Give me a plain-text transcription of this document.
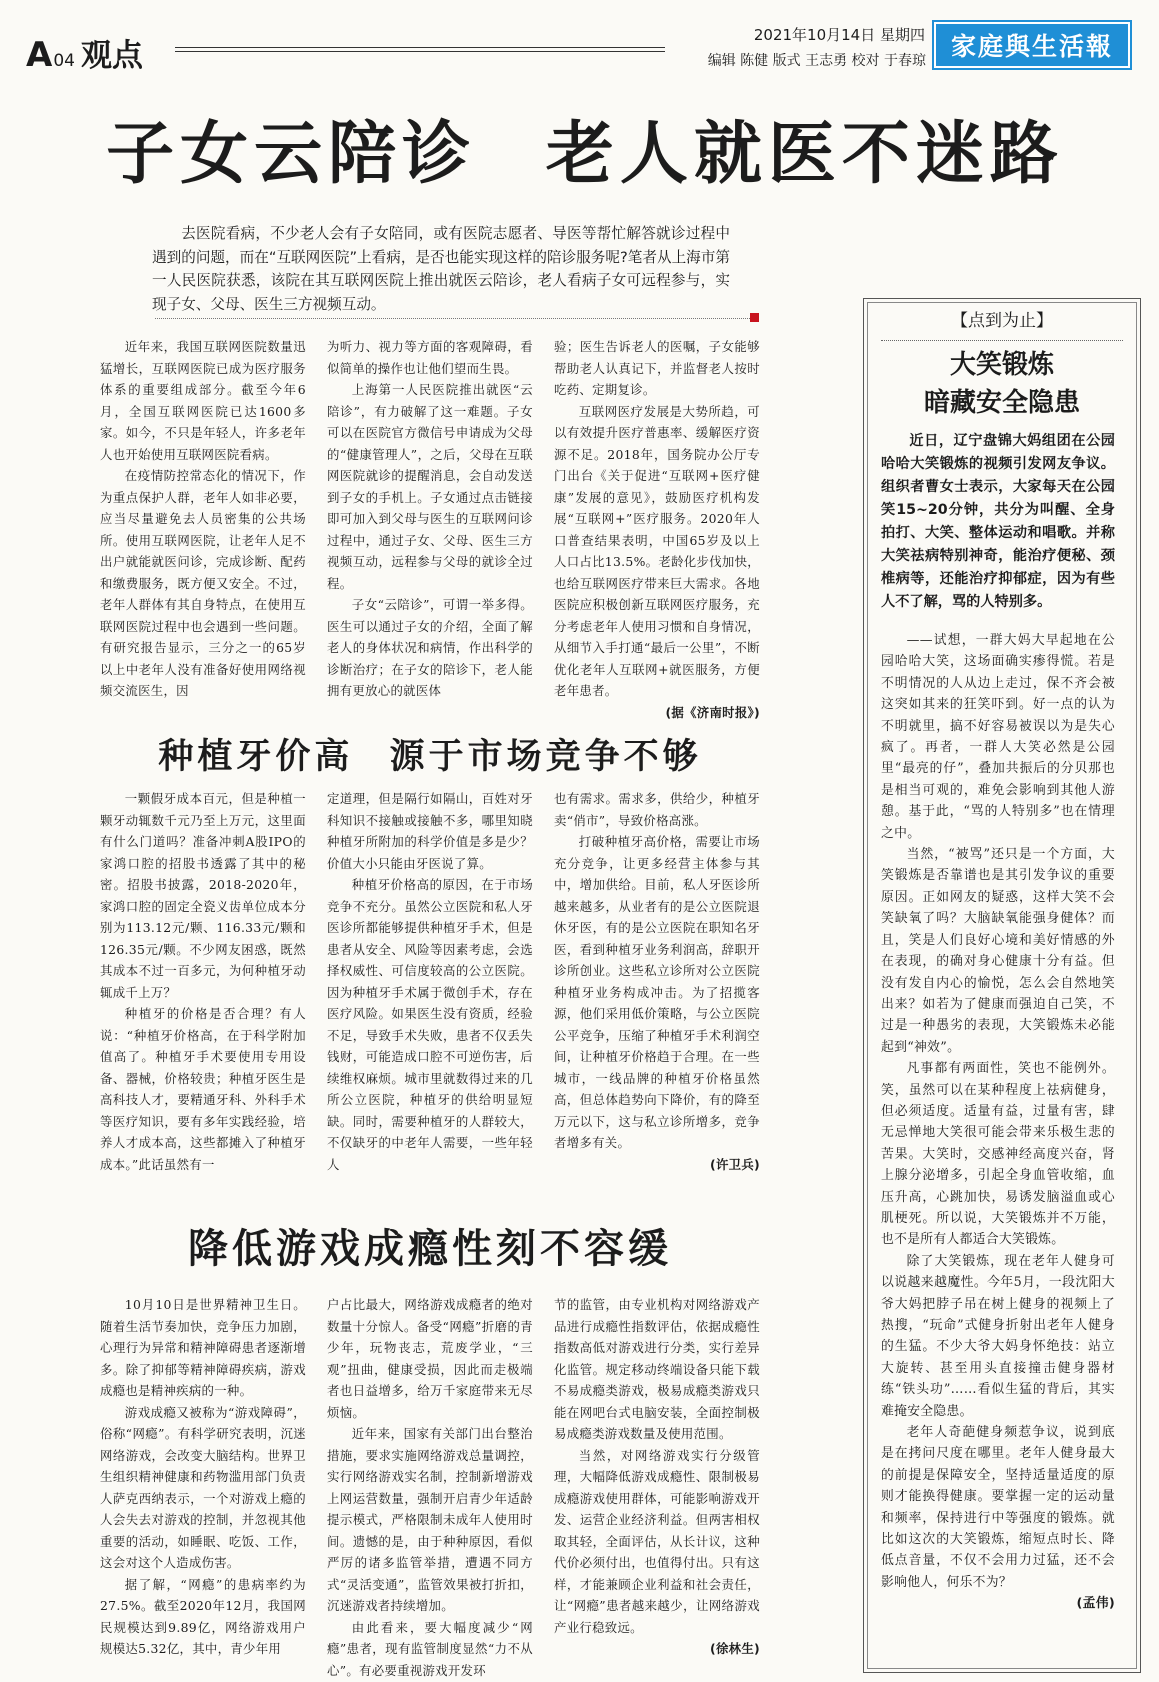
A 04 观点
2021年10月14日 星期四
编辑 陈健 版式 王志勇 校对 于春琼 家庭與生活報
子女云陪诊 老人就医不迷路
去医院看病，不少老人会有子女陪同，或有医院志愿者、导医等帮忙解答就诊过程中遇到的问题，而在“互联网医院”上看病，是否也能实现这样的陪诊服务呢?笔者从上海市第一人民医院获悉，该院在其互联网医院上推出就医云陪诊，老人看病子女可远程参与，实现子女、父母、医生三方视频互动。

近年来，我国互联网医院数量迅猛增长，互联网医院已成为医疗服务体系的重要组成部分。截至今年6月，全国互联网医院已达1600多家。如今，不只是年轻人，许多老年人也开始使用互联网医院看病。

在疫情防控常态化的情况下，作为重点保护人群，老年人如非必要，应当尽量避免去人员密集的公共场所。使用互联网医院，让老年人足不出户就能就医问诊，完成诊断、配药和缴费服务，既方便又安全。不过，老年人群体有其自身特点，在使用互联网医院过程中也会遇到一些问题。有研究报告显示，三分之一的65岁以上中老年人没有准备好使用网络视频交流医生，因

为听力、视力等方面的客观障碍，看似简单的操作也让他们望而生畏。

上海第一人民医院推出就医“云陪诊”，有力破解了这一难题。子女可以在医院官方微信号申请成为父母的“健康管理人”，之后，父母在互联网医院就诊的提醒消息，会自动发送到子女的手机上。子女通过点击链接即可加入到父母与医生的互联网问诊过程中，通过子女、父母、医生三方视频互动，远程参与父母的就诊全过程。

子女“云陪诊”，可谓一举多得。医生可以通过子女的介绍，全面了解老人的身体状况和病情，作出科学的诊断治疗；在子女的陪诊下，老人能拥有更放心的就医体

验；医生告诉老人的医嘱，子女能够帮助老人认真记下，并监督老人按时吃药、定期复诊。

互联网医疗发展是大势所趋，可以有效提升医疗普惠率、缓解医疗资源不足。2018年，国务院办公厅专门出台《关于促进“互联网+医疗健康”发展的意见》，鼓励医疗机构发展“互联网+”医疗服务。2020年人口普查结果表明，中国65岁及以上人口占比13.5%。老龄化步伐加快，也给互联网医疗带来巨大需求。各地医院应积极创新互联网医疗服务，充分考虑老年人使用习惯和自身情况，从细节入手打通“最后一公里”，不断优化老年人互联网+就医服务，方便老年患者。

(据《济南时报》)
种植牙价高 源于市场竞争不够

一颗假牙成本百元，但是种植一颗牙动辄数千元乃至上万元，这里面有什么门道吗？准备冲刺A股IPO的家鸿口腔的招股书透露了其中的秘密。招股书披露，2018-2020年，家鸿口腔的固定全瓷义齿单位成本分别为113.12元/颗、116.33元/颗和126.35元/颗。不少网友困惑，既然其成本不过一百多元，为何种植牙动辄成千上万？

种植牙的价格是否合理？有人说：“种植牙价格高，在于科学附加值高了。种植牙手术要使用专用设备、器械，价格较贵；种植牙医生是高科技人才，要精通牙科、外科手术等医疗知识，要有多年实践经验，培养人才成本高，这些都摊入了种植牙成本。”此话虽然有一

定道理，但是隔行如隔山，百姓对牙科知识不接触或接触不多，哪里知晓种植牙所附加的科学价值是多是少？价值大小只能由牙医说了算。

种植牙价格高的原因，在于市场竞争不充分。虽然公立医院和私人牙医诊所都能够提供种植牙手术，但是患者从安全、风险等因素考虑，会选择权威性、可信度较高的公立医院。因为种植牙手术属于微创手术，存在医疗风险。如果医生没有资质，经验不足，导致手术失败，患者不仅丢失钱财，可能造成口腔不可逆伤害，后续维权麻烦。城市里就数得过来的几所公立医院，种植牙的供给明显短缺。同时，需要种植牙的人群较大，不仅缺牙的中老年人需要，一些年轻人

也有需求。需求多，供给少，种植牙卖“俏市”，导致价格高涨。

打破种植牙高价格，需要让市场充分竞争，让更多经营主体参与其中，增加供给。目前，私人牙医诊所越来越多，从业者有的是公立医院退休牙医，有的是公立医院在职知名牙医，看到种植牙业务利润高，辞职开诊所创业。这些私立诊所对公立医院种植牙业务构成冲击。为了招揽客源，他们采用低价策略，与公立医院公平竞争，压缩了种植牙手术利润空间，让种植牙价格趋于合理。在一些城市，一线品牌的种植牙价格虽然高，但总体趋势向下降价，有的降至万元以下，这与私立诊所增多，竞争者增多有关。

(许卫兵)
降低游戏成瘾性刻不容缓

10月10日是世界精神卫生日。随着生活节奏加快，竞争压力加剧，心理行为异常和精神障碍患者逐渐增多。除了抑郁等精神障碍疾病，游戏成瘾也是精神疾病的一种。

游戏成瘾又被称为“游戏障碍”，俗称“网瘾”。有科学研究表明，沉迷网络游戏，会改变大脑结构。世界卫生组织精神健康和药物滥用部门负责人萨克西纳表示，一个对游戏上瘾的人会失去对游戏的控制，并忽视其他重要的活动，如睡眠、吃饭、工作，这会对这个人造成伤害。

据了解，“网瘾”的患病率约为27.5%。截至2020年12月，我国网民规模达到9.89亿，网络游戏用户规模达5.32亿，其中，青少年用

户占比最大，网络游戏成瘾者的绝对数量十分惊人。备受“网瘾”折磨的青少年，玩物丧志，荒废学业，“三观”扭曲，健康受损，因此而走极端者也日益增多，给万千家庭带来无尽烦恼。

近年来，国家有关部门出台整治措施，要求实施网络游戏总量调控，实行网络游戏实名制，控制新增游戏上网运营数量，强制开启青少年适龄提示模式，严格限制未成年人使用时间。遗憾的是，由于种种原因，看似严厉的诸多监管举措，遭遇不同方式“灵活变通”，监管效果被打折扣，沉迷游戏者持续增加。

由此看来，要大幅度减少“网瘾”患者，现有监管制度显然“力不从心”。有必要重视游戏开发环

节的监管，由专业机构对网络游戏产品进行成瘾性指数评估，依据成瘾性指数高低对游戏进行分类，实行差异化监管。规定移动终端设备只能下载不易成瘾类游戏，极易成瘾类游戏只能在网吧台式电脑安装，全面控制极易成瘾类游戏数量及使用范围。

当然，对网络游戏实行分级管理，大幅降低游戏成瘾性、限制极易成瘾游戏使用群体，可能影响游戏开发、运营企业经济利益。但两害相权取其轻，全面评估，从长计议，这种代价必须付出，也值得付出。只有这样，才能兼顾企业利益和社会责任，让“网瘾”患者越来越少，让网络游戏产业行稳致远。

(徐林生)
【点到为止】
大笑锻炼
暗藏安全隐患
近日，辽宁盘锦大妈组团在公园哈哈大笑锻炼的视频引发网友争议。组织者曹女士表示，大家每天在公园笑15~20分钟，共分为叫醒、全身拍打、大笑、整体运动和唱歌。并称大笑祛病特别神奇，能治疗便秘、颈椎病等，还能治疗抑郁症，因为有些人不了解，骂的人特别多。

——试想，一群大妈大早起地在公园哈哈大笑，这场面确实瘆得慌。若是不明情况的人从边上走过，保不齐会被这突如其来的狂笑吓到。好一点的认为不明就里，搞不好容易被误以为是失心疯了。再者，一群人大笑必然是公园里“最亮的仔”，叠加共振后的分贝那也是相当可观的，难免会影响到其他人游憩。基于此，“骂的人特别多”也在情理之中。

当然，“被骂”还只是一个方面，大笑锻炼是否靠谱也是其引发争议的重要原因。正如网友的疑惑，这样大笑不会笑缺氧了吗？大脑缺氧能强身健体？而且，笑是人们良好心境和美好情感的外在表现，的确对身心健康十分有益。但没有发自内心的愉悦，怎么会自然地笑出来？如若为了健康而强迫自己笑，不过是一种愚劣的表现，大笑锻炼未必能起到“神效”。

凡事都有两面性，笑也不能例外。笑，虽然可以在某种程度上祛病健身，但必须适度。适量有益，过量有害，肆无忌惮地大笑很可能会带来乐极生悲的苦果。大笑时，交感神经高度兴奋，肾上腺分泌增多，引起全身血管收缩，血压升高，心跳加快，易诱发脑溢血或心肌梗死。所以说，大笑锻炼并不万能，也不是所有人都适合大笑锻炼。

除了大笑锻炼，现在老年人健身可以说越来越魔性。今年5月，一段沈阳大爷大妈把脖子吊在树上健身的视频上了热搜，“玩命”式健身折射出老年人健身的生猛。不少大爷大妈身怀绝技：站立大旋转、甚至用头直接撞击健身器材练“铁头功”……看似生猛的背后，其实难掩安全隐患。

老年人奇葩健身频惹争议，说到底是在拷问尺度在哪里。老年人健身最大的前提是保障安全，坚持适量适度的原则才能换得健康。要掌握一定的运动量和频率，保持进行中等强度的锻炼。就比如这次的大笑锻炼，缩短点时长、降低点音量，不仅不会用力过猛，还不会影响他人，何乐不为？

(孟伟)
